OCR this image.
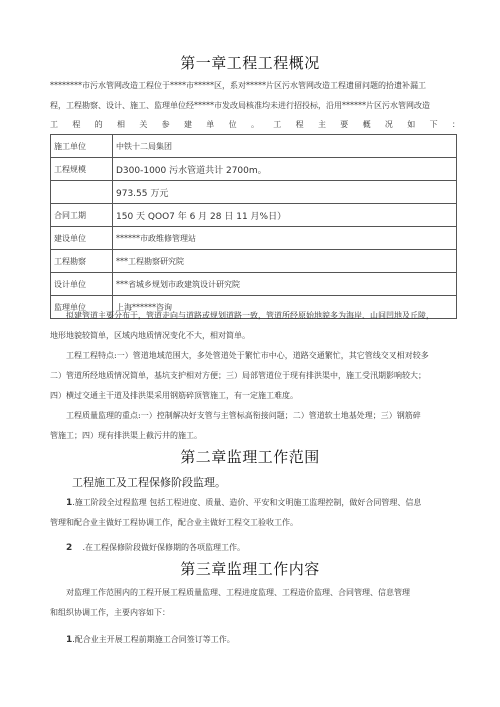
第一章工程工程概况
********市污水管网改造工程位于****市*****区，系对*****片区污水管网改造工程遗留问题的拾遗补漏工
程，工程勘察、设计、施工、监理单位经*****市发改局核准均未进行招投标，沿用******片区污水管网改造
工 程 的 相 关 参 建 单 位 。 工 程 主 要 概 况 如 下 ：
施工单位	中铁十二局集团
工程规模	D300-1000 污水管道共计 2700m。
	973.55 万元
合同工期	150 天 QOO7 年 6 月 28 日 11 月%日）
建设单位	******市政维修管理站
工程勘察	***工程勘察研究院
设计单位	***省城乡规划市政建筑设计研究院
监理单位	上海******咨询
拟建管道主要分布于，管道走向与道路或规划道路一致，管道所经原始地貌多为海岸、山间凹地及丘陵，
地形地貌较简单，区域内地质情况变化不大，相对简单。
工程工程特点:一）管道地域范围大，多处管道处于繁忙市中心，道路交通繁忙，其它管线交叉相对较多
二）管道所经地质情况简单，基坑支护相对方便；三）局部管道位于现有排洪渠中，施工受汛期影响较大；
四）横过交通主干道及排洪渠采用钢筋碎顶管施工，有一定施工难度。
工程质量监理的重点:一）控制解决好支管与主管标高衔接问题；二）管道软土地基处理；三）钢筋碎
管施工；四）现有排洪渠上截污井的施工。
第二章监理工作范围
工程施工及工程保修阶段监理。
1.施工阶段全过程监理 包括工程进度、质量、造价、平安和文明施工监理控制，做好合同管理、信息
管理和配合业主做好工程协调工作，配合业主做好工程交工验收工作。
2 .在工程保修阶段做好保修期的各项监理工作。
第三章监理工作内容
对监理工作范围内的工程开展工程质量监理、工程进度监理、工程造价监理、合同管理、信息管理
和组织协调工作，主要内容如下：
1.配合业主开展工程前期施工合同签订等工作。
